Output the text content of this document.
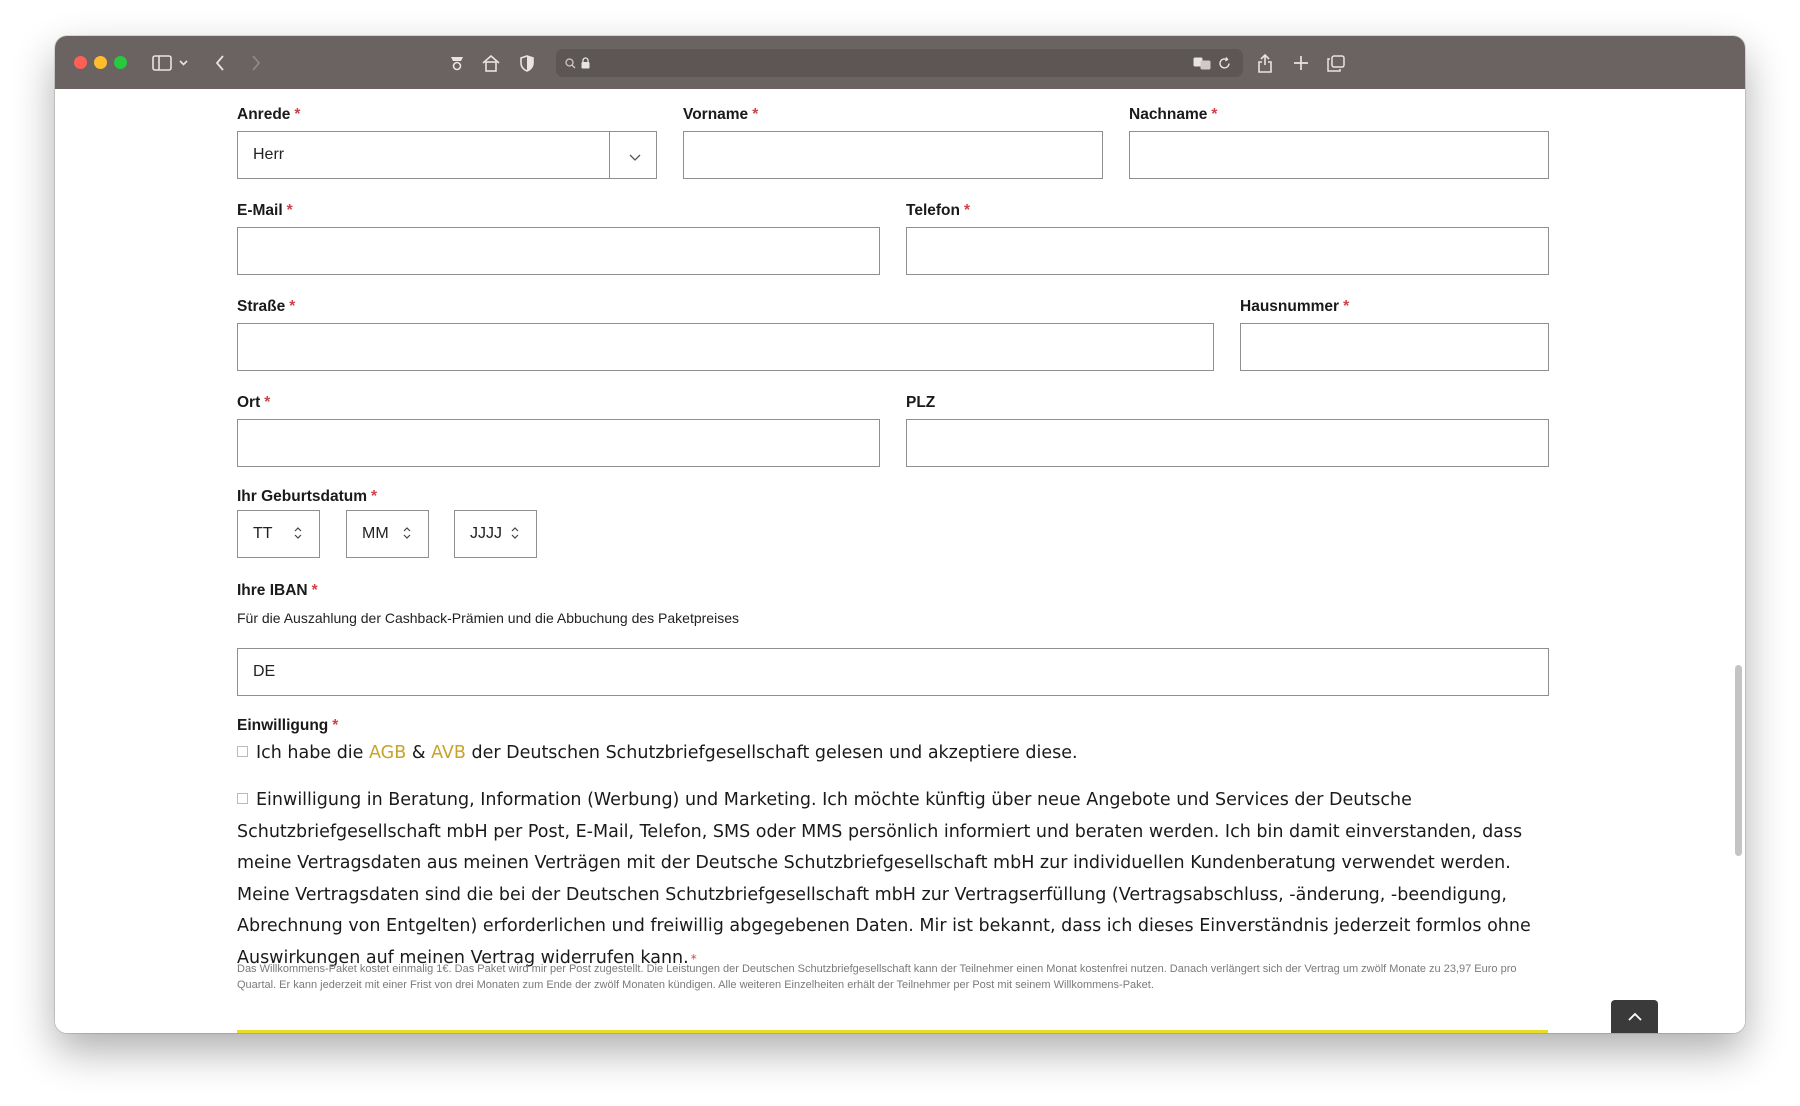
Anrede *
Herr
Vorname *	Nachname *
E-Mail *	Telefon *
Straße *	Hausnummer *
Ort *	PLZ
Ihr Geburtsdatum *
TT	MM	JJJJ
Ihre IBAN *
Für die Auszahlung der Cashback-Prämien und die Abbuchung des Paketpreises
DE
Einwilligung *
Ich habe die AGB & AVB der Deutschen Schutzbriefgesellschaft gelesen und akzeptiere diese.
Einwilligung in Beratung, Information (Werbung) und Marketing. Ich möchte künftig über neue Angebote und Services der Deutsche Schutzbriefgesellschaft mbH per Post, E-Mail, Telefon, SMS oder MMS persönlich informiert und beraten werden. Ich bin damit einverstanden, dass meine Vertragsdaten aus meinen Verträgen mit der Deutsche Schutzbriefgesellschaft mbH zur individuellen Kundenberatung verwendet werden. Meine Vertragsdaten sind die bei der Deutschen Schutzbriefgesellschaft mbH zur Vertragserfüllung (Vertragsabschluss, -änderung, -beendigung, Abrechnung von Entgelten) erforderlichen und freiwillig abgegebenen Daten. Mir ist bekannt, dass ich dieses Einverständnis jederzeit formlos ohne Auswirkungen auf meinen Vertrag widerrufen kann. *
Das Willkommens-Paket kostet einmalig 1€. Das Paket wird mir per Post zugestellt. Die Leistungen der Deutschen Schutzbriefgesellschaft kann der Teilnehmer einen Monat kostenfrei nutzen. Danach verlängert sich der Vertrag um zwölf Monate zu 23,97 Euro pro Quartal. Er kann jederzeit mit einer Frist von drei Monaten zum Ende der zwölf Monaten kündigen. Alle weiteren Einzelheiten erhält der Teilnehmer per Post mit seinem Willkommens-Paket.
